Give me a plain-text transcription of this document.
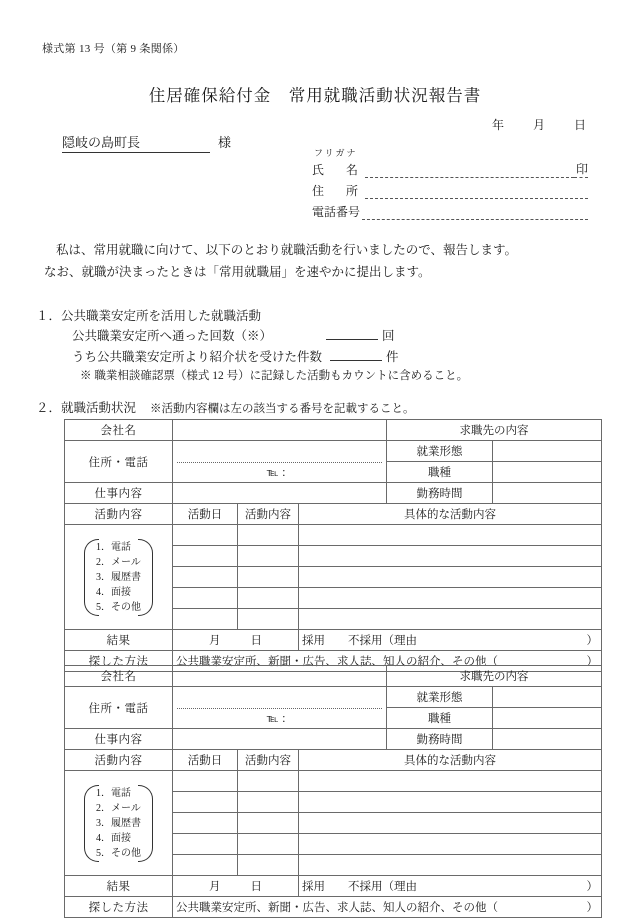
様式第 13 号（第 9 条関係）
住居確保給付金　常用就職活動状況報告書
年 月 日
隠岐の島町長	様
フリガナ
氏　名	印
住　所
電話番号

私は、常用就職に向けて、以下のとおり就職活動を行いましたので、報告します。

なお、就職が決まったときは「常用就職届」を速やかに提出します。

１．公共職業安定所を活用した就職活動

公共職業安定所へ通った回数（※）	回

うち公共職業安定所より紹介状を受けた件数	件

※ 職業相談確認票（様式 12 号）に記録した活動もカウントに含めること。

２．就職活動状況 ※活動内容欄は左の該当する番号を記載すること。
会社名				求職先の内容	
住所・電話	℡ ：			就業形態	
				職種	
仕事内容				勤務時間	
活動内容	活動日	活動内容	具体的な活動内容		

1．電話
2．メール
3．履歴書
4．面接
5．その他

結果	月 日		採用　　不採用（理由 ）		

探した方法	公共職業安定所、新聞・広告、求人誌、知人の紹介、その他（ ）				
会社名				求職先の内容	
住所・電話	℡ ：			就業形態	
				職種	
仕事内容				勤務時間	
活動内容	活動日	活動内容	具体的な活動内容		

1．電話
2．メール
3．履歴書
4．面接
5．その他

結果	月 日		採用　　不採用（理由 ）		

探した方法	公共職業安定所、新聞・広告、求人誌、知人の紹介、その他（ ）				
